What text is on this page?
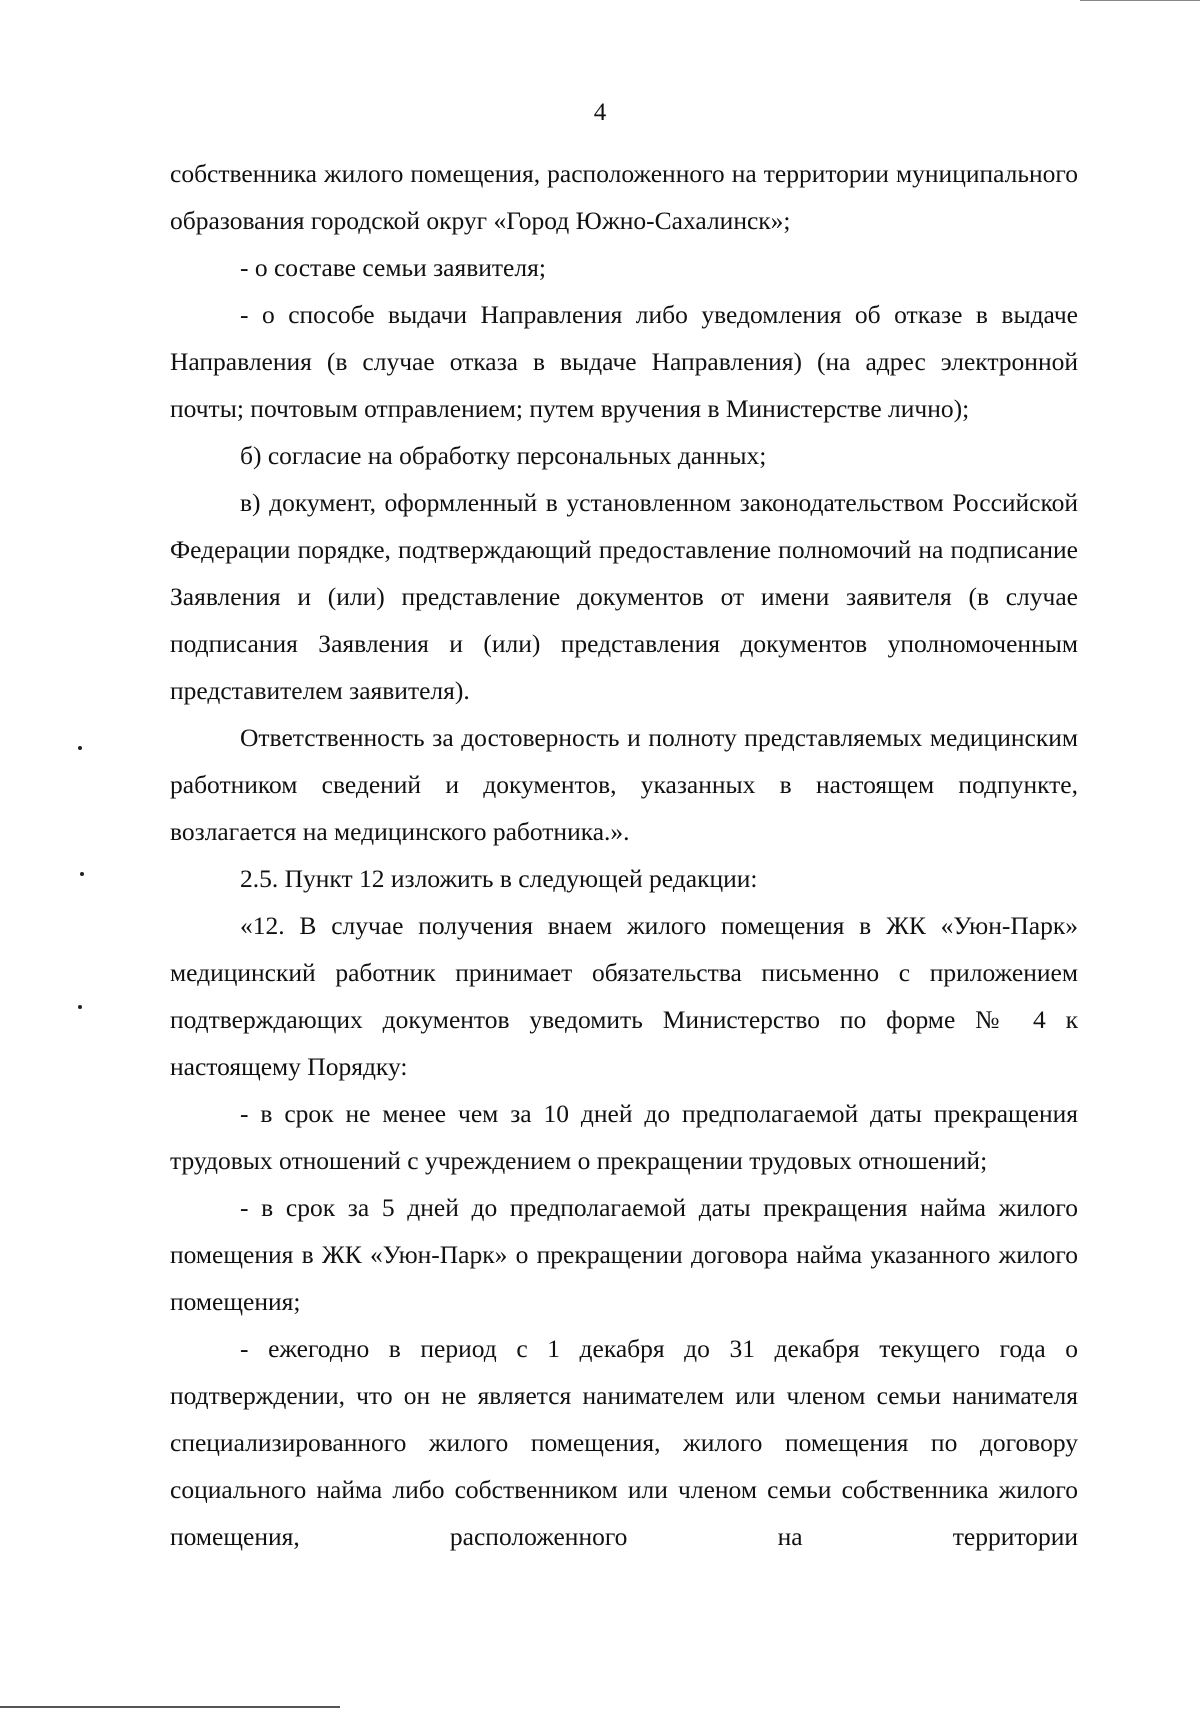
4

собственника жилого помещения, расположенного на территории муниципального образования городской округ «Город Южно-Сахалинск»;

- о составе семьи заявителя;

- о способе выдачи Направления либо уведомления об отказе в выдаче Направления (в случае отказа в выдаче Направления) (на адрес электронной почты; почтовым отправлением; путем вручения в Министерстве лично);

б) согласие на обработку персональных данных;

в) документ, оформленный в установленном законодательством Российской Федерации порядке, подтверждающий предоставление полномочий на подписание Заявления и (или) представление документов от имени заявителя (в случае подписания Заявления и (или) представления документов уполномоченным представителем заявителя).

Ответственность за достоверность и полноту представляемых медицинским работником сведений и документов, указанных в настоящем подпункте, возлагается на медицинского работника.».

2.5. Пункт 12 изложить в следующей редакции:

«12. В случае получения внаем жилого помещения в ЖК «Уюн-Парк» медицинский работник принимает обязательства письменно с приложением подтверждающих документов уведомить Министерство по форме № 4 к настоящему Порядку:

- в срок не менее чем за 10 дней до предполагаемой даты прекращения трудовых отношений с учреждением о прекращении трудовых отношений;

- в срок за 5 дней до предполагаемой даты прекращения найма жилого помещения в ЖК «Уюн-Парк» о прекращении договора найма указанного жилого помещения;

- ежегодно в период с 1 декабря до 31 декабря текущего года о подтверждении, что он не является нанимателем или членом семьи нанимателя специализированного жилого помещения, жилого помещения по договору социального найма либо собственником или членом семьи собственника жилого помещения, расположенного на территории
